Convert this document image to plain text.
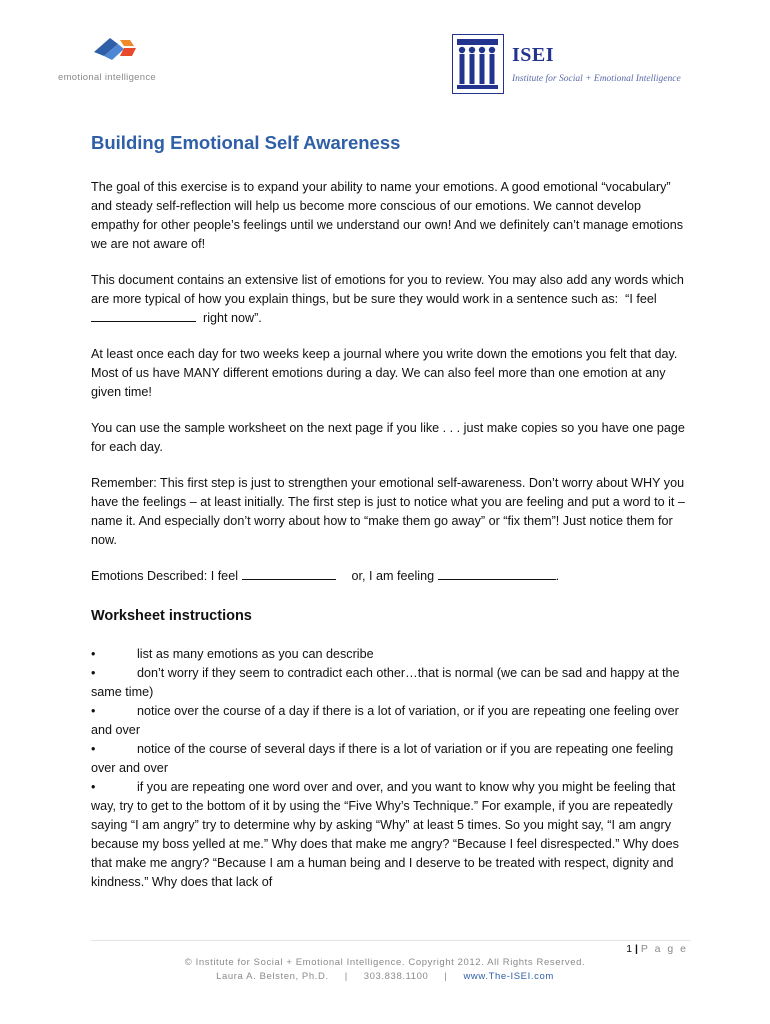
emotional intelligence
ISEI
Institute for Social + Emotional Intelligence
Building Emotional Self Awareness

The goal of this exercise is to expand your ability to name your emotions. A good emotional “vocabulary” and steady self-reflection will help us become more conscious of our emotions. We cannot develop empathy for other people’s feelings until we understand our own! And we definitely can’t manage emotions we are not aware of!

This document contains an extensive list of emotions for you to review. You may also add any words which are more typical of how you explain things, but be sure they would work in a sentence such as: “I feel   right now”.

At least once each day for two weeks keep a journal where you write down the emotions you felt that day. Most of us have MANY different emotions during a day. We can also feel more than one emotion at any given time!

You can use the sample worksheet on the next page if you like . . . just make copies so you have one page for each day.

Remember: This first step is just to strengthen your emotional self-awareness. Don’t worry about WHY you have the feelings – at least initially. The first step is just to notice what you are feeling and put a word to it – name it. And especially don’t worry about how to “make them go away” or “fix them”! Just notice them for now.

Emotions Described: I feel	or, I am feeling	.

Worksheet instructions
•	list as many emotions as you can describe
•	don’t worry if they seem to contradict each other…that is normal (we can be sad and happy at the same time)
•	notice over the course of a day if there is a lot of variation, or if you are repeating one feeling over and over
•	notice of the course of several days if there is a lot of variation or if you are repeating one feeling over and over
•	if you are repeating one word over and over, and you want to know why you might be feeling that way, try to get to the bottom of it by using the “Five Why’s Technique.” For example, if you are repeatedly saying “I am angry” try to determine why by asking “Why” at least 5 times. So you might say, “I am angry because my boss yelled at me.” Why does that make me angry? “Because I feel disrespected.” Why does that make me angry? “Because I am a human being and I deserve to be treated with respect, dignity and kindness.” Why does that lack of
1 | P a g e
© Institute for Social + Emotional Intelligence. Copyright 2012. All Rights Reserved.
Laura A. Belsten, Ph.D. | 303.838.1100 | www.The-ISEI.com
